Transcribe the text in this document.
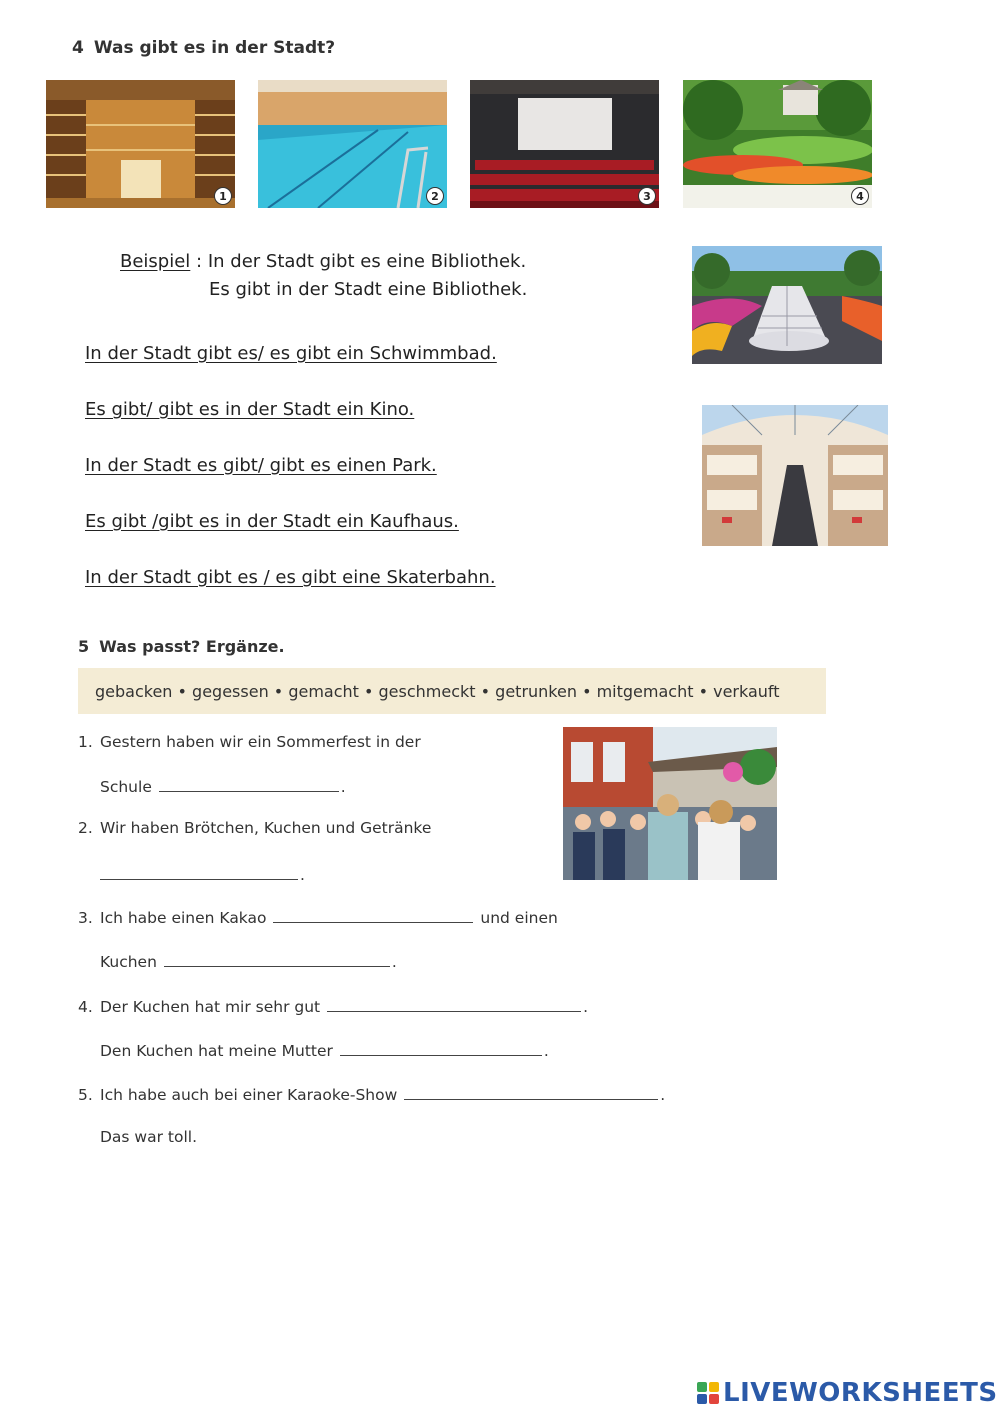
4 Was gibt es in der Stadt?
1	2	3	4
Beispiel : In der Stadt gibt es eine Bibliothek.
Es gibt in der Stadt eine Bibliothek.
In der Stadt gibt es/ es gibt ein Schwimmbad.
Es gibt/ gibt es in der Stadt ein Kino.
In der Stadt es gibt/ gibt es einen Park.
Es gibt /gibt es in der Stadt ein Kaufhaus.
In der Stadt gibt es / es gibt eine Skaterbahn.
5 Was passt? Ergänze.
gebacken • gegessen • gemacht • geschmeckt • getrunken • mitgemacht • verkauft
1. Gestern haben wir ein Sommerfest in der
Schule	.
2. Wir haben Brötchen, Kuchen und Getränke
.
3. Ich habe einen Kakao	und einen
Kuchen	.
4. Der Kuchen hat mir sehr gut	.
Den Kuchen hat meine Mutter	.
5. Ich habe auch bei einer Karaoke-Show	.
Das war toll.
LIVEWORKSHEETS
